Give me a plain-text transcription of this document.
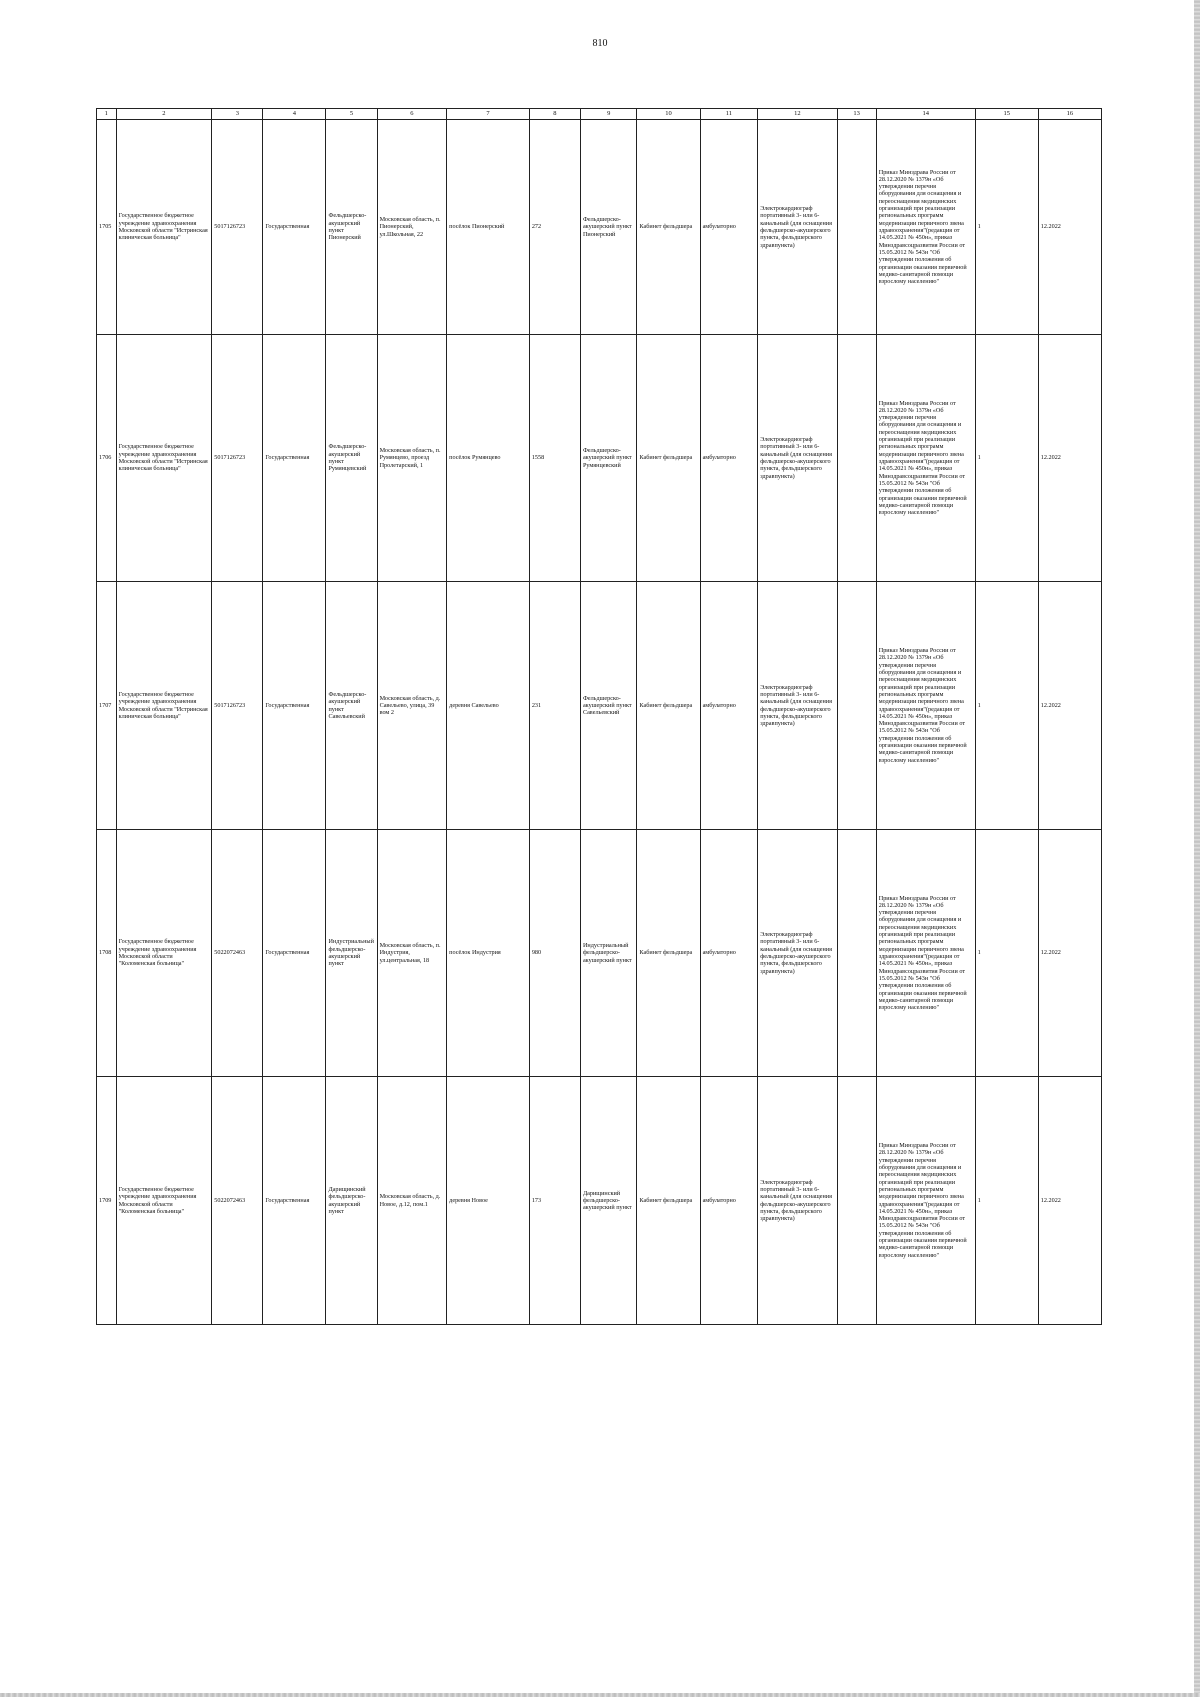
810
1	2	3	4	5	6	7	8	9	10	11	12	13	14	15	16
1705	Государственное бюджетное учреждение здравоохранения Московской области "Истринская клиническая больница"	5017126723	Государственная	Фельдшерско-акушерский пункт Пионерский	Московская область, п. Пионерский, ул.Школьная, 22	посёлок Пионерский	272	Фельдшерско-акушерский пункт Пионерский	Кабинет фельдшера	амбулаторно	Электрокардиограф портативный 3- или 6-канальный (для оснащения фельдшерско-акушерского пункта, фельдшерского здравпункта)		Приказ Минздрава России от 28.12.2020 № 1379н «Об утверждении перечня оборудования для оснащения и переоснащения медицинских организаций при реализации региональных программ модернизации первичного звена здравоохранения"(редакция от 14.05.2021 № 450н», приказ Минздравсоцразвития России от 15.05.2012 № 543н "Об утверждении положения об организации оказания первичной медико-санитарной помощи взрослому населению"	1	12.2022
1706	Государственное бюджетное учреждение здравоохранения Московской области "Истринская клиническая больница"	5017126723	Государственная	Фельдшерско-акушерский пункт Румянцевский	Московская область, п. Румянцево, проезд Пролетарский, 1	посёлок Румянцево	1558	Фельдшерско-акушерский пункт Румянцевский	Кабинет фельдшера	амбулаторно	Электрокардиограф портативный 3- или 6-канальный (для оснащения фельдшерско-акушерского пункта, фельдшерского здравпункта)		Приказ Минздрава России от 28.12.2020 № 1379н «Об утверждении перечня оборудования для оснащения и переоснащения медицинских организаций при реализации региональных программ модернизации первичного звена здравоохранения"(редакция от 14.05.2021 № 450н», приказ Минздравсоцразвития России от 15.05.2012 № 543н "Об утверждении положения об организации оказания первичной медико-санитарной помощи взрослому населению"	1	12.2022
1707	Государственное бюджетное учреждение здравоохранения Московской области "Истринская клиническая больница"	5017126723	Государственная	Фельдшерско-акушерский пункт Савельевский	Московская область, д. Савельево, улица, 39 вом 2	деревня Савельево	231	Фельдшерско-акушерский пункт Савельевский	Кабинет фельдшера	амбулаторно	Электрокардиограф портативный 3- или 6-канальный (для оснащения фельдшерско-акушерского пункта, фельдшерского здравпункта)		Приказ Минздрава России от 28.12.2020 № 1379н «Об утверждении перечня оборудования для оснащения и переоснащения медицинских организаций при реализации региональных программ модернизации первичного звена здравоохранения"(редакция от 14.05.2021 № 450н», приказ Минздравсоцразвития России от 15.05.2012 № 543н "Об утверждении положения об организации оказания первичной медико-санитарной помощи взрослому населению"	1	12.2022
1708	Государственное бюджетное учреждение здравоохранения Московской области "Коломенская больница"	5022072463	Государственная	Индустриальный фельдшерско-акушерский пункт	Московская область, п. Индустрия, ул.центральная, 18	посёлок Индустрия	980	Индустриальный фельдшерско-акушерский пункт	Кабинет фельдшера	амбулаторно	Электрокардиограф портативный 3- или 6-канальный (для оснащения фельдшерско-акушерского пункта, фельдшерского здравпункта)		Приказ Минздрава России от 28.12.2020 № 1379н «Об утверждении перечня оборудования для оснащения и переоснащения медицинских организаций при реализации региональных программ модернизации первичного звена здравоохранения"(редакция от 14.05.2021 № 450н», приказ Минздравсоцразвития России от 15.05.2012 № 543н "Об утверждении положения об организации оказания первичной медико-санитарной помощи взрослому населению"	1	12.2022
1709	Государственное бюджетное учреждение здравоохранения Московской области "Коломенская больница"	5022072463	Государственная	Дарищинский фельдшерско-акушерский пункт	Московская область, д. Новое, д.12, пом.1	деревня Новое	173	Дарищинский фельдшерско-акушерский пункт	Кабинет фельдшера	амбулаторно	Электрокардиограф портативный 3- или 6-канальный (для оснащения фельдшерско-акушерского пункта, фельдшерского здравпункта)		Приказ Минздрава России от 28.12.2020 № 1379н «Об утверждении перечня оборудования для оснащения и переоснащения медицинских организаций при реализации региональных программ модернизации первичного звена здравоохранения"(редакция от 14.05.2021 № 450н», приказ Минздравсоцразвития России от 15.05.2012 № 543н "Об утверждении положения об организации оказания первичной медико-санитарной помощи взрослому населению"	1	12.2022
